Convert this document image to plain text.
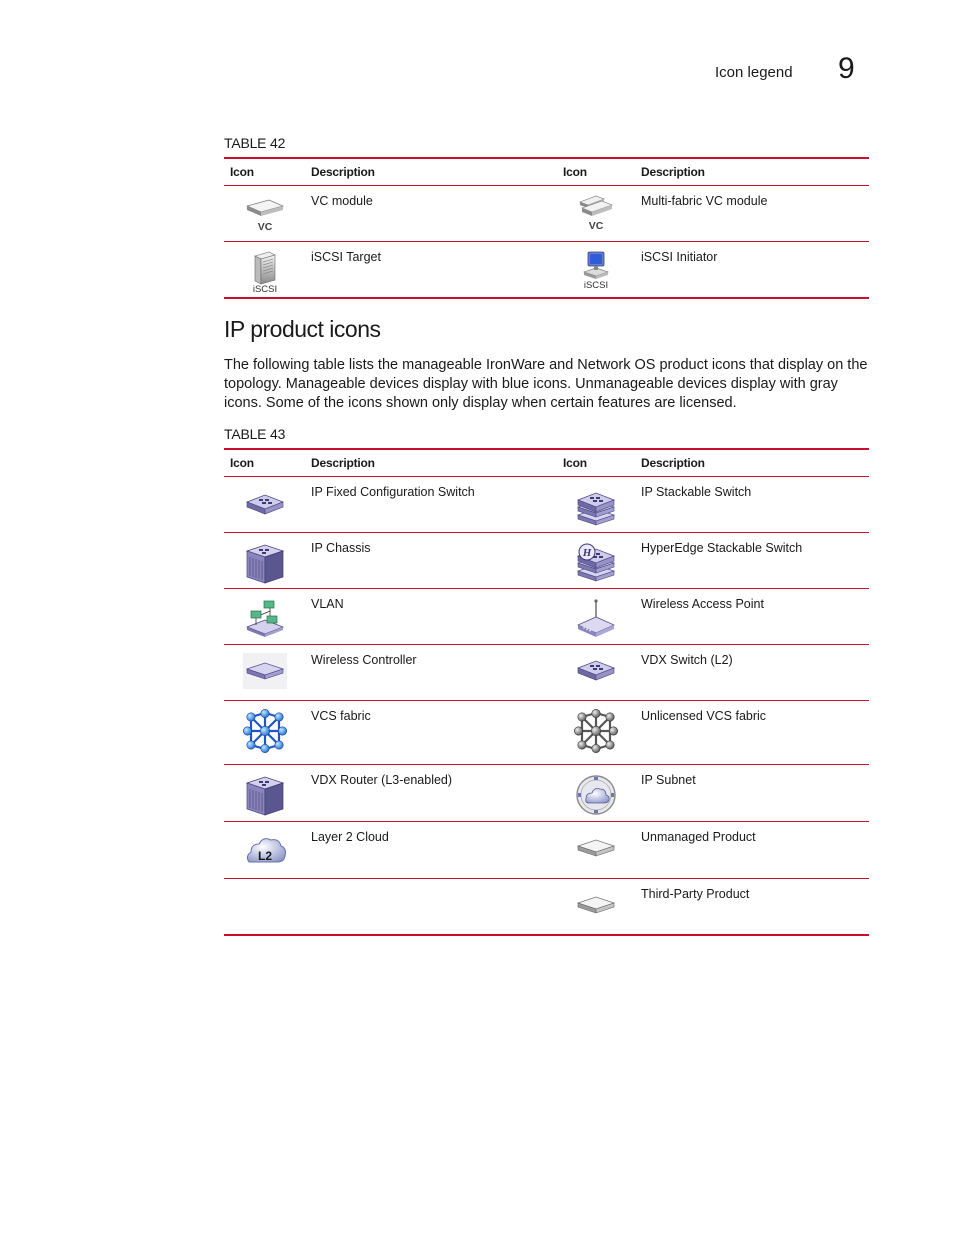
Icon legend 9
TABLE 42
Icon	Description	Icon	Description

VC	VC module	VC	Multi-fabric VC module

iSCSI	iSCSI Target	iSCSI	iSCSI Initiator
IP product icons

The following table lists the manageable IronWare and Network OS product icons that display on the topology. Manageable devices display with blue icons. Unmanageable devices display with gray icons. Some of the icons shown only display when certain features are licensed.

TABLE 43
Icon	Description	Icon	Description
	IP Fixed Configuration Switch		IP Stackable Switch
	IP Chassis	H	HyperEdge Stackable Switch
	VLAN		Wireless Access Point
	Wireless Controller		VDX Switch (L2)
	VCS fabric		Unlicensed VCS fabric
	VDX Router (L3-enabled)		IP Subnet

L2	Layer 2 Cloud		Unmanaged Product
			Third-Party Product
